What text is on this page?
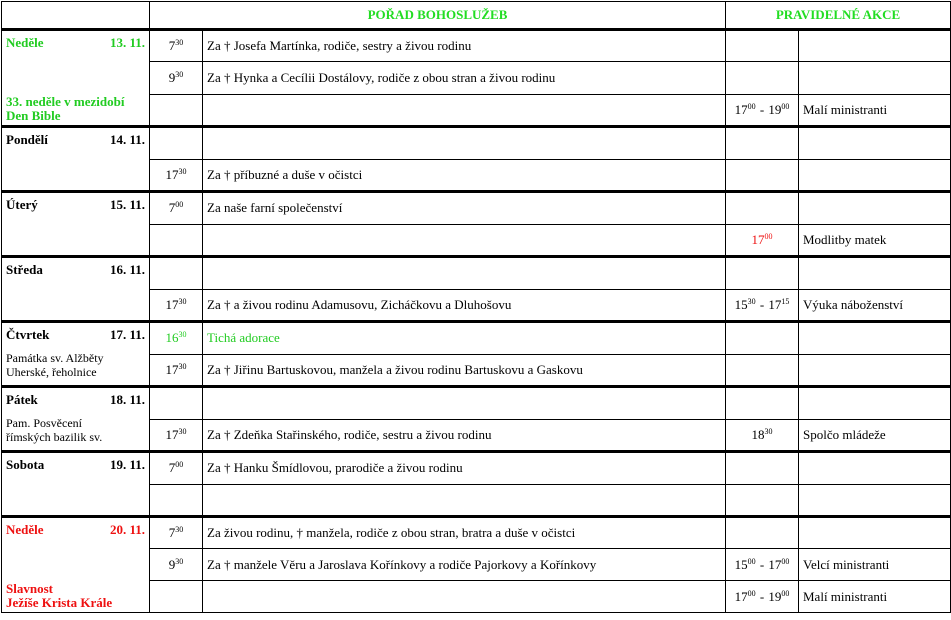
	POŘAD BOHOSLUŽEB		PRAVIDELNÉ AKCE	

Neděle 13. 11.
33. neděle v mezidobí
Den Bible	$7^{30}$	Za † Josefa Martínka, rodiče, sestry a živou rodinu		
	$9^{30}$	Za † Hynka a Cecílii Dostálovy, rodiče z obou stran a živou rodinu		
			$17^{00} - 19^{00}$	Malí ministranti

Pondělí 14. 11.				

	$17^{30}$	Za † příbuzné a duše v očistci		

Úterý 15. 11.	$7^{00}$	Za naše farní společenství		
			$17^{00}$	Modlitby matek

Středa 16. 11.				

	$17^{30}$	Za † a živou rodinu Adamusovu, Zicháčkovu a Dluhošovu	$15^{30} - 17^{15}$	Výuka náboženství

Čtvrtek 17. 11.
Památka sv. Alžběty
Uherské, řeholnice	$16^{30}$	Tichá adorace		
	$17^{30}$	Za † Jiřinu Bartuskovou, manžela a živou rodinu Bartuskovu a Gaskovu		

Pátek 18. 11.
Pam. Posvěcení
římských bazilik sv.				

	$17^{30}$	Za † Zdeňka Stařinského, rodiče, sestru a živou rodinu	$18^{30}$	Spolčo mládeže

Sobota 19. 11.	$7^{00}$	Za † Hanku Šmídlovou, prarodiče a živou rodinu		

Neděle 20. 11.
Slavnost
Ježíše Krista Krále	$7^{30}$	Za živou rodinu, † manžela, rodiče z obou stran, bratra a duše v očistci		
	$9^{30}$	Za † manžele Věru a Jaroslava Kořínkovy a rodiče Pajorkovy a Kořínkovy	$15^{00} - 17^{00}$	Velcí ministranti
			$17^{00} - 19^{00}$	Malí ministranti
